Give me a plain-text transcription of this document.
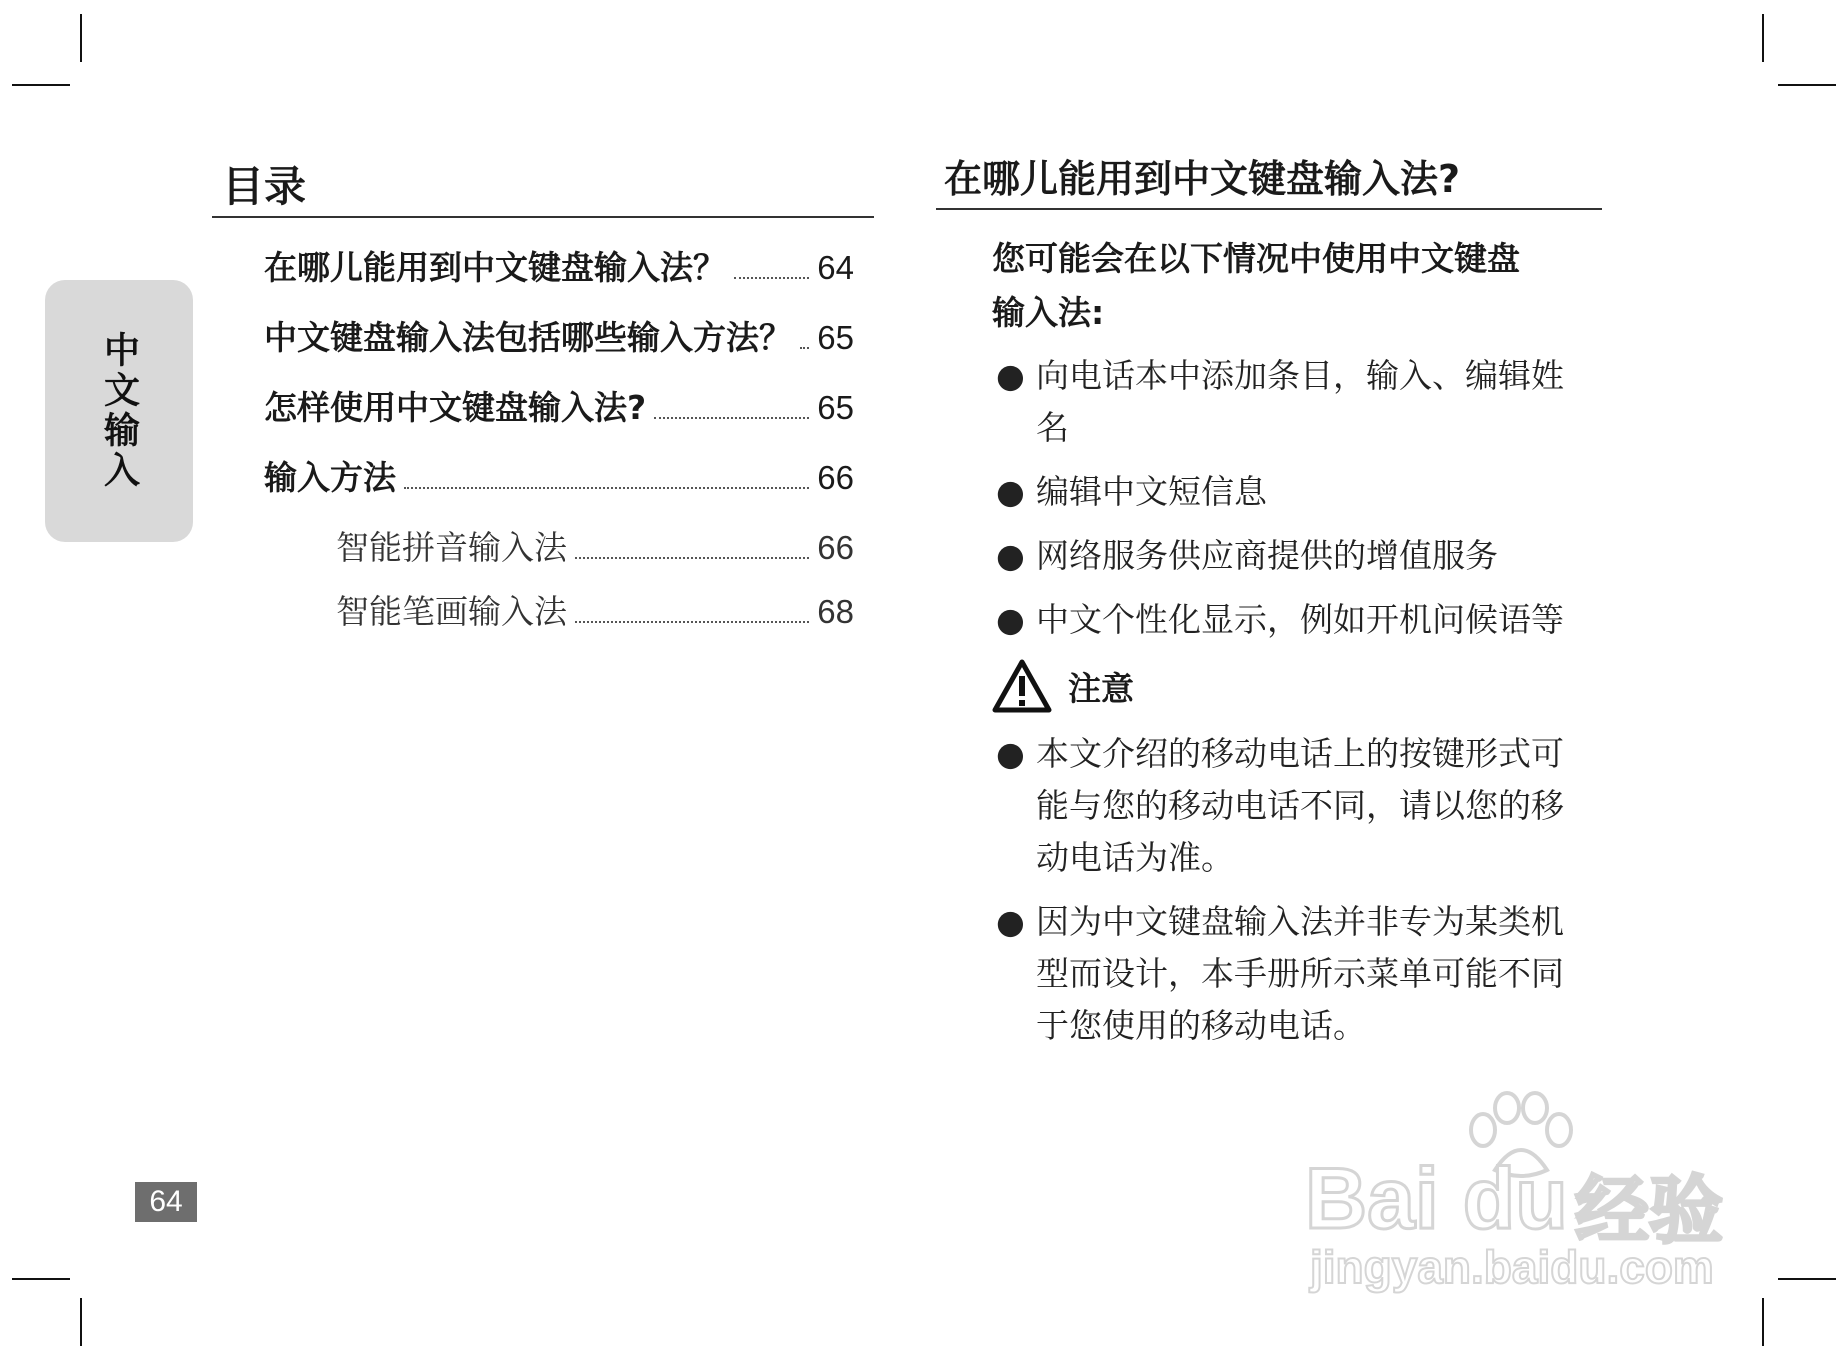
中文输入
目录
在哪儿能用到中文键盘输入法？	64
中文键盘输入法包括哪些输入方法？ 65
怎样使用中文键盘输入法?	65
输入方法	66
智能拼音输入法	66
智能笔画输入法	68
在哪儿能用到中文键盘输入法?
您可能会在以下情况中使用中文键盘输入法:
● 向电话本中添加条目，输入、编辑姓名
● 编辑中文短信息
● 网络服务供应商提供的增值服务
● 中文个性化显示，例如开机问候语等
注意
● 本文介绍的移动电话上的按键形式可能与您的移动电话不同，请以您的移动电话为准。
● 因为中文键盘输入法并非专为某类机型而设计，本手册所示菜单可能不同于您使用的移动电话。
64	Bai du 经验
jingyan.baidu.com
